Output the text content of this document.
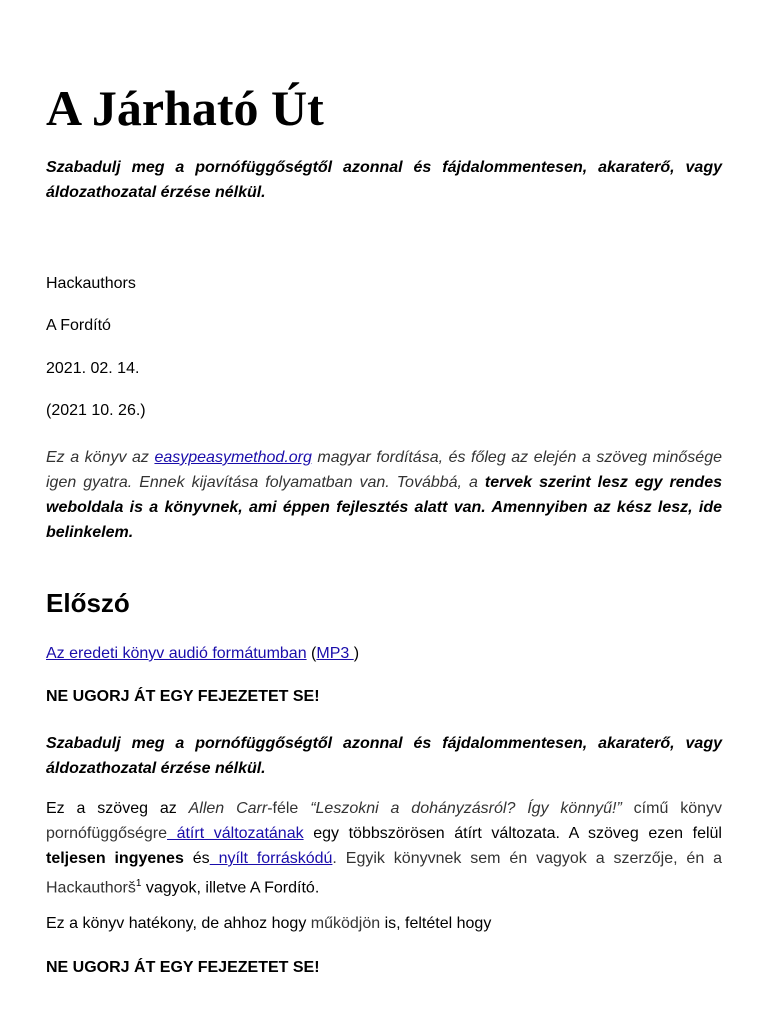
A Járható Út

Szabadulj meg a pornófüggőségtől azonnal és fájdalommentesen, akaraterő, vagy áldozathozatal érzése nélkül.

Hackauthors

A Fordító

2021. 02. 14.

(2021 10. 26.)

Ez a könyv az easypeasymethod.org magyar fordítása, és főleg az elején a szöveg minősége igen gyatra. Ennek kijavítása folyamatban van. Továbbá, a tervek szerint lesz egy rendes weboldala is a könyvnek, ami éppen fejlesztés alatt van. Amennyiben az kész lesz, ide belinkelem.

Előszó

Az eredeti könyv audió formátumban (MP3 )

NE UGORJ ÁT EGY FEJEZETET SE!

Szabadulj meg a pornófüggőségtől azonnal és fájdalommentesen, akaraterő, vagy áldozathozatal érzése nélkül.

Ez a szöveg az Allen Carr-féle “Leszokni a dohányzásról? Így könnyű!” című könyv pornófüggőségre átírt változatának egy többszörösen átírt változata. A szöveg ezen felül teljesen ingyenes és nyílt forráskódú. Egyik könyvnek sem én vagyok a szerzője, én a Hackauthorš$^1$ vagyok, illetve A Fordító.

Ez a könyv hatékony, de ahhoz hogy működjön is, feltétel hogy

NE UGORJ ÁT EGY FEJEZETET SE!
